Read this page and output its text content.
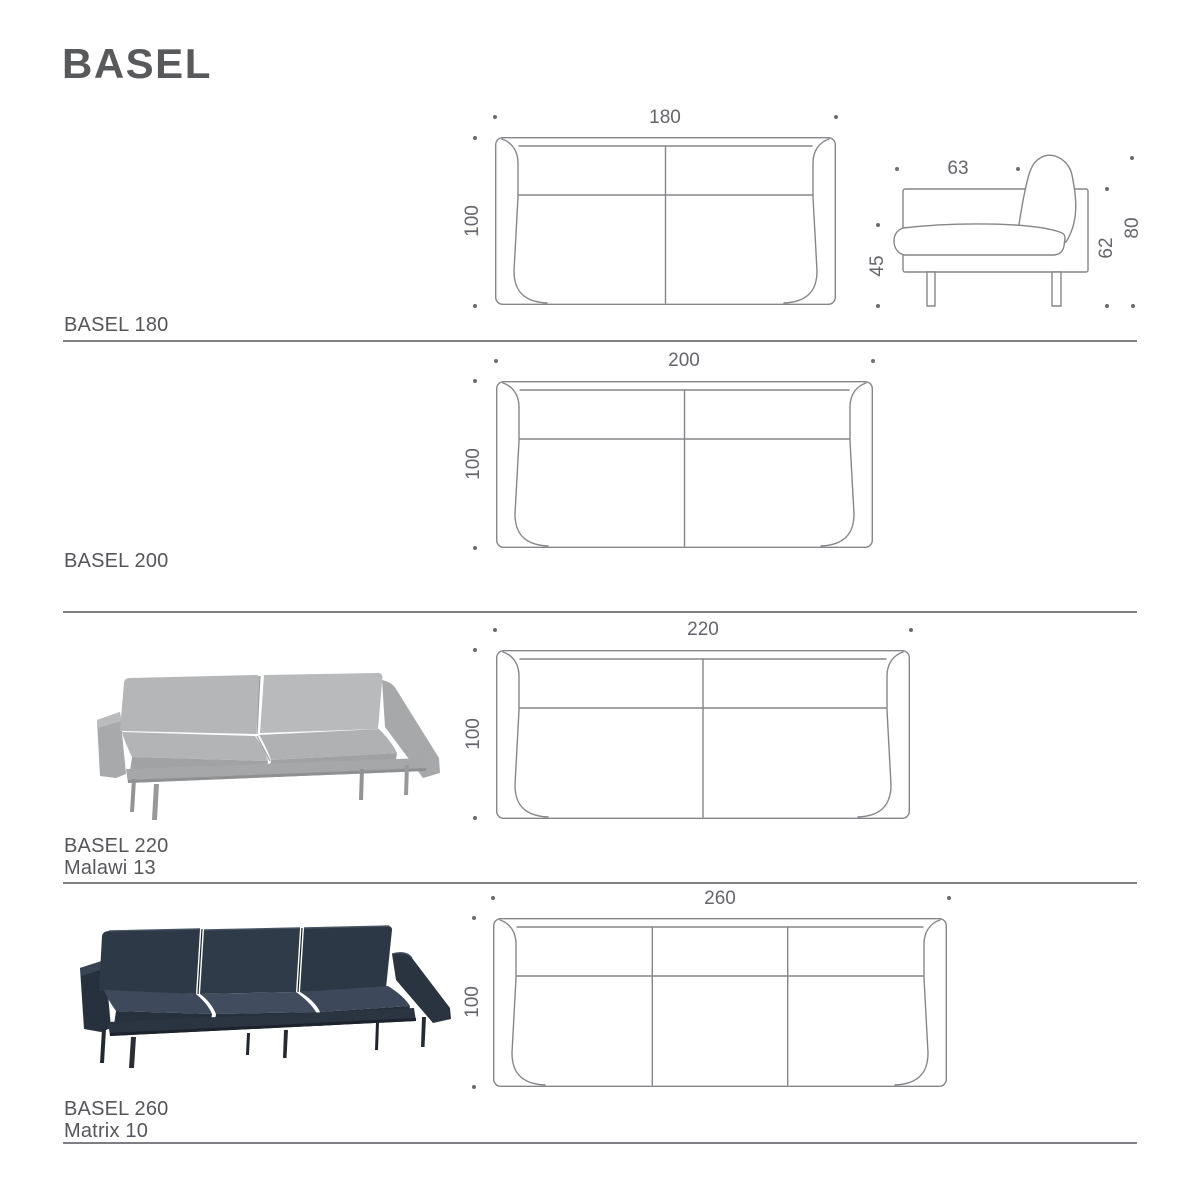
BASEL
BASEL 180
BASEL 200
BASEL 220
Malawi 13
BASEL 260
Matrix 10
180
100
63
45
62
80
200
100
220
100
260
100
